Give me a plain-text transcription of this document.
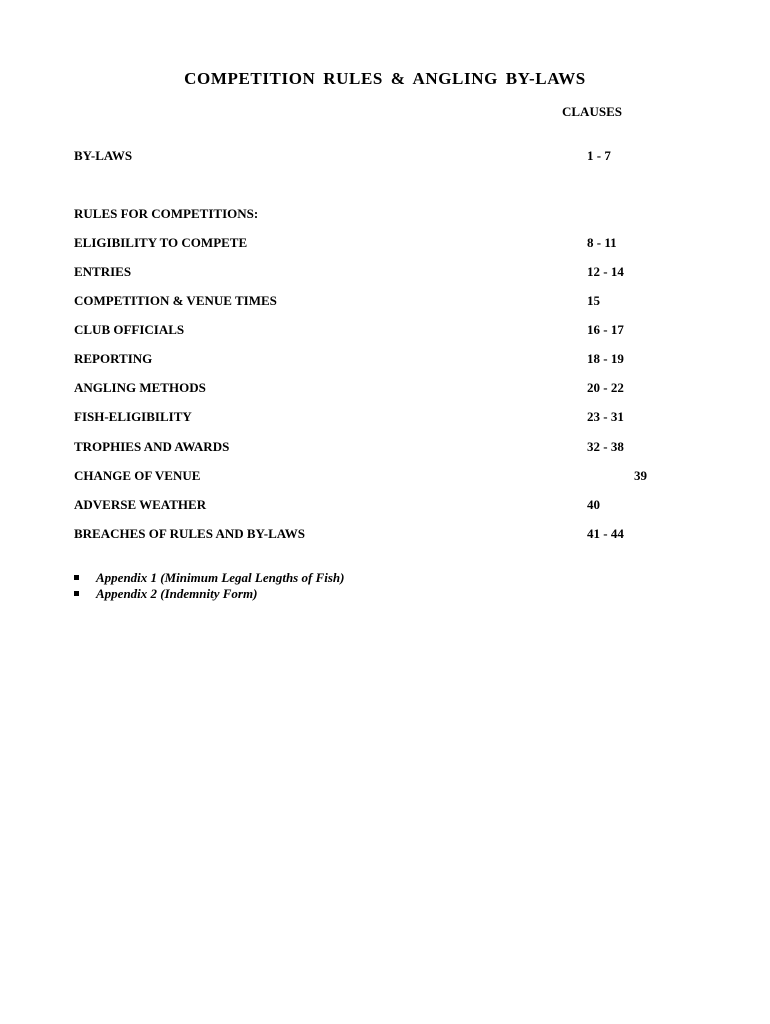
COMPETITION RULES & ANGLING BY-LAWS
CLAUSES
BY-LAWS	1 - 7
RULES FOR COMPETITIONS:
ELIGIBILITY TO COMPETE	8 - 11
ENTRIES	12 - 14
COMPETITION & VENUE TIMES	15
CLUB OFFICIALS	16 - 17
REPORTING	18 - 19
ANGLING METHODS	20 - 22
FISH-ELIGIBILITY	23 - 31
TROPHIES AND AWARDS	32 - 38
CHANGE OF VENUE	39
ADVERSE WEATHER	40
BREACHES OF RULES AND BY-LAWS	41 - 44
Appendix 1 (Minimum Legal Lengths of Fish)
Appendix 2 (Indemnity Form)
